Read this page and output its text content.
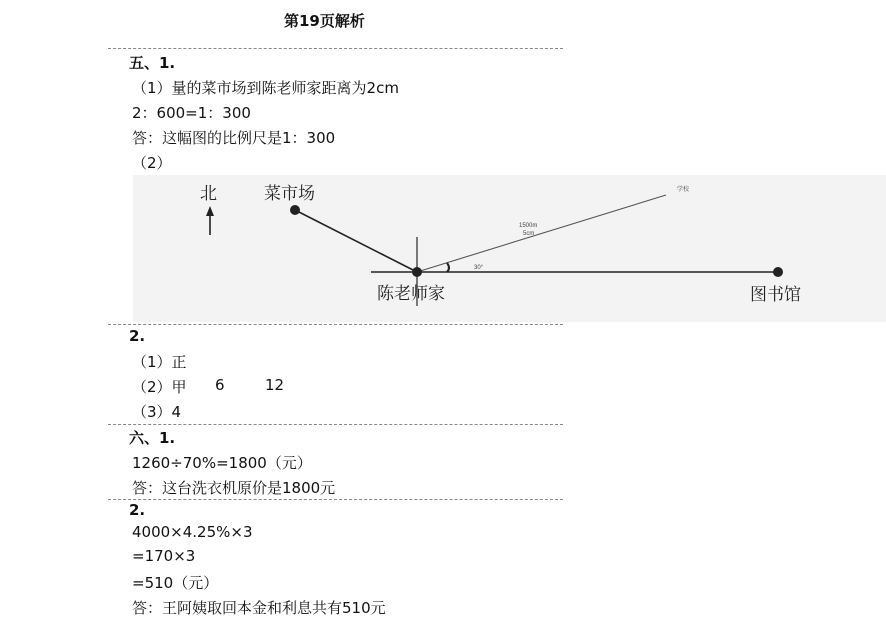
第19页解析
五、1.
（1）量的菜市场到陈老师家距离为2cm
2：600=1：300
答：这幅图的比例尺是1：300
（2）
北	菜市场	学校
1500m
5cm
30°
陈老师家	图书馆
2.
（1）正
（2）甲 6	12
（3）4
六、1.
1260÷70%=1800（元）
答：这台洗衣机原价是1800元
2.
4000×4.25%×3
=170×3
=510（元）
答：王阿姨取回本金和利息共有510元
